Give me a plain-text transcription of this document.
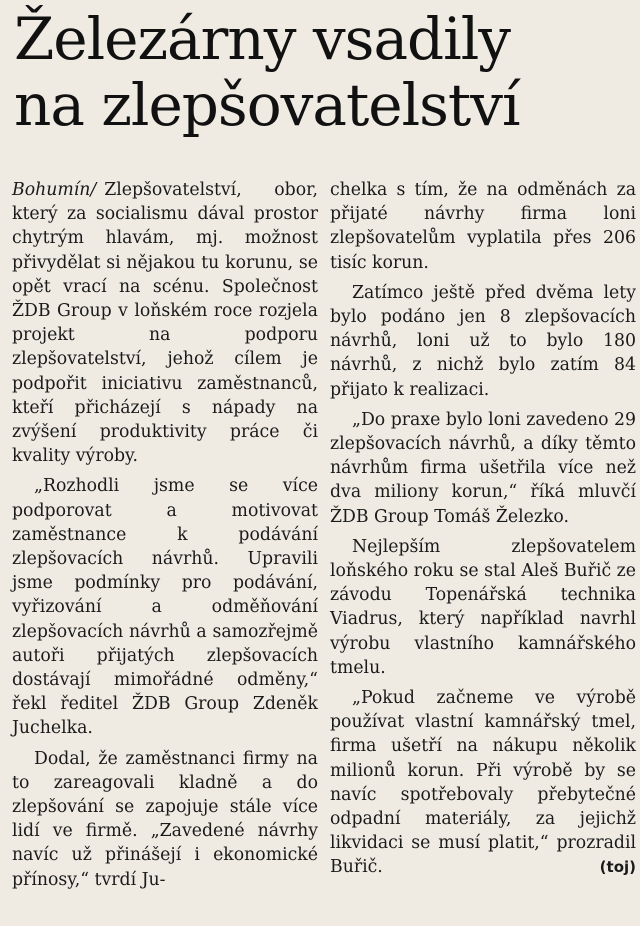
Železárny vsadily
na zlepšovatelství

Bohumín/ Zlepšovatelství, obor, který za socialismu dával prostor chytrým hlavám, mj. možnost přivydělat si nějakou tu korunu, se opět vrací na scénu. Společnost ŽDB Group v loňském roce rozjela projekt na podporu zlepšovatelství, jehož cílem je podpořit iniciativu zaměstnanců, kteří přicházejí s nápady na zvýšení produktivity práce či kvality výroby.

„Rozhodli jsme se více podporovat a motivovat zaměstnance k podávání zlepšovacích návrhů. Upravili jsme podmínky pro podávání, vyřizování a odměňování zlepšovacích návrhů a samozřejmě autoři přijatých zlepšovacích dostávají mimořádné odměny,“ řekl ředitel ŽDB Group Zdeněk Juchelka.

Dodal, že zaměstnanci firmy na to zareagovali kladně a do zlepšování se zapojuje stále více lidí ve firmě. „Zavedené návrhy navíc už přinášejí i ekonomické přínosy,“ tvrdí Ju-

chelka s tím, že na odměnách za přijaté návrhy firma loni zlepšovatelům vyplatila přes 206 tisíc korun.

Zatímco ještě před dvěma lety bylo podáno jen 8 zlepšovacích návrhů, loni už to bylo 180 návrhů, z nichž bylo zatím 84 přijato k realizaci.

„Do praxe bylo loni zavedeno 29 zlepšovacích návrhů, a díky těmto návrhům firma ušetřila více než dva miliony korun,“ říká mluvčí ŽDB Group Tomáš Železko.

Nejlepším zlepšovatelem loňského roku se stal Aleš Buřič ze závodu Topenářská technika Viadrus, který například navrhl výrobu vlastního kamnářského tmelu.

„Pokud začneme ve výrobě používat vlastní kamnářský tmel, firma ušetří na nákupu několik milionů korun. Při výrobě by se navíc spotřebovaly přebytečné odpadní materiály, za jejichž likvidaci se musí platit,“ prozradil Buřič.	(toj)
